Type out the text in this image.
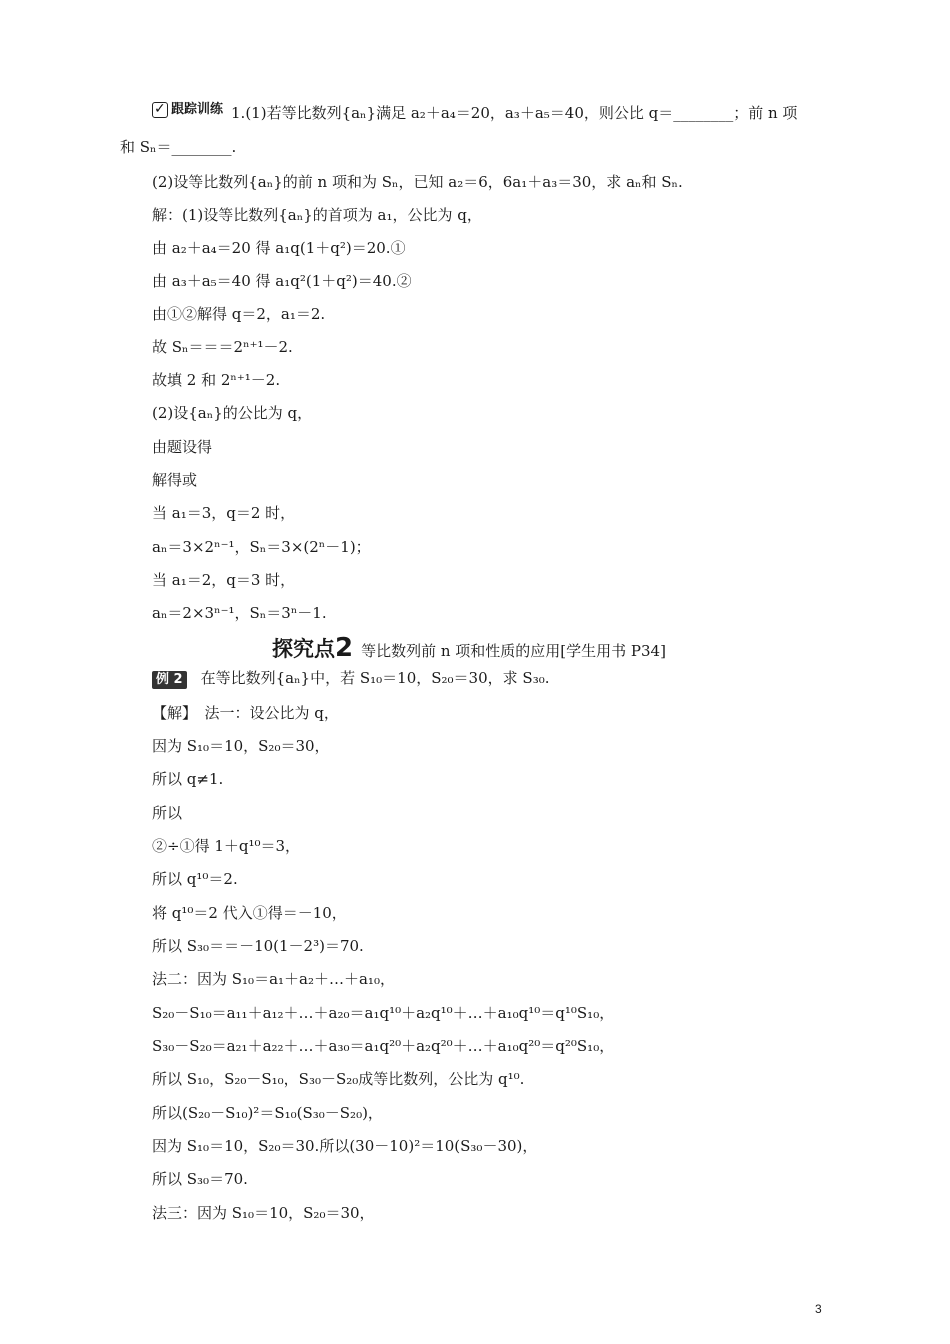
✓
跟踪训练 1.(1)若等比数列{aₙ}满足 a₂＋a₄＝20，a₃＋a₅＝40，则公比 q＝________；前 n 项
和 Sₙ＝________.
(2)设等比数列{aₙ}的前 n 项和为 Sₙ，已知 a₂＝6，6a₁＋a₃＝30，求 aₙ和 Sₙ.
解：(1)设等比数列{aₙ}的首项为 a₁，公比为 q，
由 a₂＋a₄＝20 得 a₁q(1＋q²)＝20.①
由 a₃＋a₅＝40 得 a₁q²(1＋q²)＝40.②
由①②解得 q＝2，a₁＝2.
故 Sₙ＝＝＝2ⁿ⁺¹－2.
故填 2 和 2ⁿ⁺¹－2.
(2)设{aₙ}的公比为 q，
由题设得
解得或
当 a₁＝3，q＝2 时，
aₙ＝3×2ⁿ⁻¹，Sₙ＝3×(2ⁿ－1)；
当 a₁＝2，q＝3 时，
aₙ＝2×3ⁿ⁻¹，Sₙ＝3ⁿ－1.
探究点2 等比数列前 n 项和性质的应用[学生用书 P34]
例 2 在等比数列{aₙ}中，若 S₁₀＝10，S₂₀＝30，求 S₃₀.
【解】　法一：设公比为 q，
因为 S₁₀＝10，S₂₀＝30，
所以 q≠1.
所以
②÷①得 1＋q¹⁰＝3，
所以 q¹⁰＝2.
将 q¹⁰＝2 代入①得＝－10，
所以 S₃₀＝＝－10(1－2³)＝70.
法二：因为 S₁₀＝a₁＋a₂＋…＋a₁₀，
S₂₀－S₁₀＝a₁₁＋a₁₂＋…＋a₂₀＝a₁q¹⁰＋a₂q¹⁰＋…＋a₁₀q¹⁰＝q¹⁰S₁₀，
S₃₀－S₂₀＝a₂₁＋a₂₂＋…＋a₃₀＝a₁q²⁰＋a₂q²⁰＋…＋a₁₀q²⁰＝q²⁰S₁₀，
所以 S₁₀，S₂₀－S₁₀，S₃₀－S₂₀成等比数列，公比为 q¹⁰.
所以(S₂₀－S₁₀)²＝S₁₀(S₃₀－S₂₀)，
因为 S₁₀＝10，S₂₀＝30.所以(30－10)²＝10(S₃₀－30)，
所以 S₃₀＝70.
法三：因为 S₁₀＝10，S₂₀＝30，
3
